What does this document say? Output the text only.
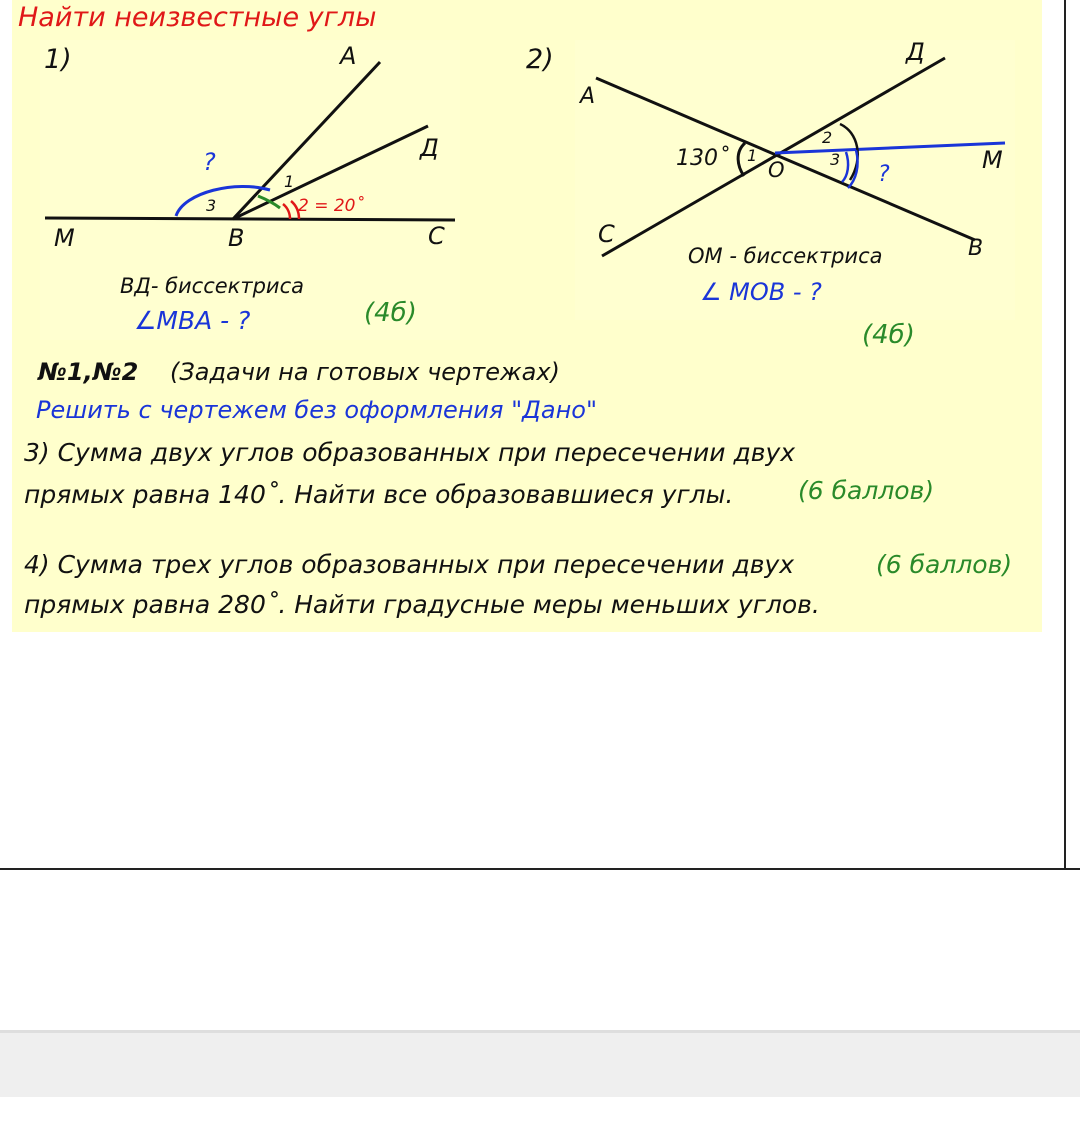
Найти неизвестные углы
1)	А
Д
М	В	С
?
1
2 = 20˚
3
ВД- биссектриса
∠МВА - ?	(4б)
2)
А
Д
С
В
О	М
130˚ 1
2
3
?
ОМ - биссектриса
∠ МОВ - ?
(4б)
№1,№2 (Задачи на готовых чертежах)
Решить с чертежем без оформления "Дано"
3) Сумма двух углов образованных при пересечении двух
прямых равна 140˚. Найти все образовавшиеся углы.	(6 баллов)
4) Сумма трех углов образованных при пересечении двух	(6 баллов)
прямых равна 280˚. Найти градусные меры меньших углов.
